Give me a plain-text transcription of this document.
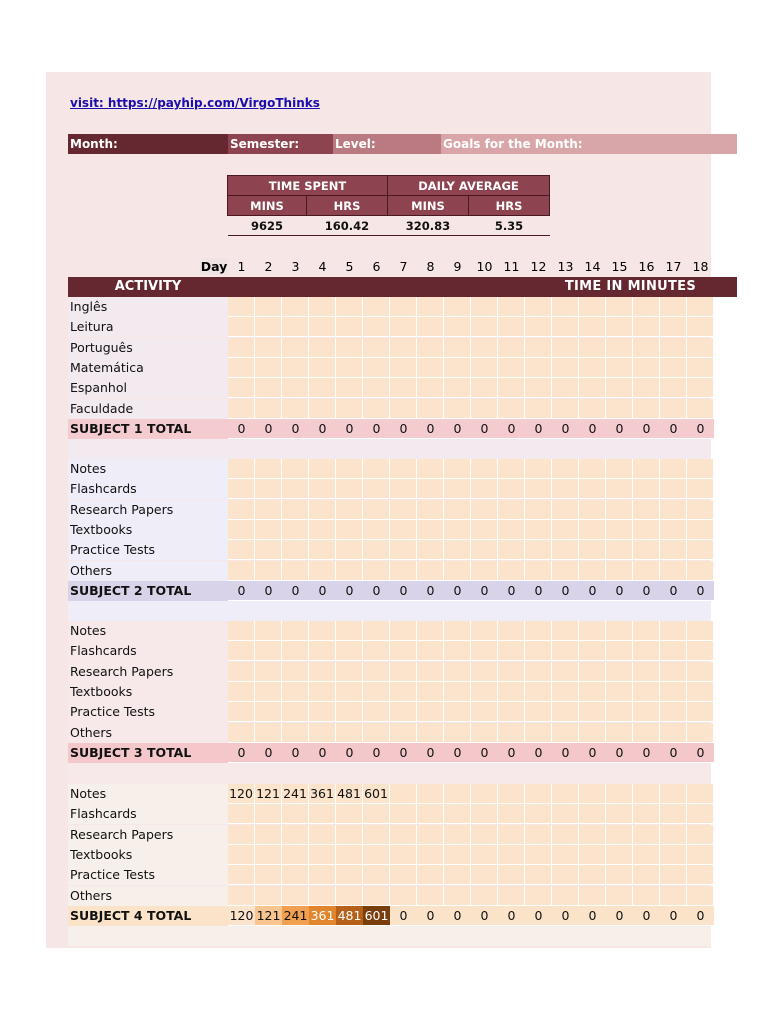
visit: https://payhip.com/VirgoThinks
Month:	Semester:	Level:	Goals for the Month:
TIME SPENT		DAILY AVERAGE	
MINS	HRS	MINS	HRS
9625	160.42	320.83	5.35
Day 1	2	3	4	5	6	7	8	9	10 11 12 13 14 15 16 17 18
ACTIVITY	TIME IN MINUTES
Inglês
Leitura
Português
Matemática
Espanhol
Faculdade
SUBJECT 1 TOTAL	0	0	0	0	0	0	0	0	0	0	0	0	0	0	0	0	0	0
Notes
Flashcards
Research Papers
Textbooks
Practice Tests
Others
SUBJECT 2 TOTAL	0	0	0	0	0	0	0	0	0	0	0	0	0	0	0	0	0	0
Notes
Flashcards
Research Papers
Textbooks
Practice Tests
Others
SUBJECT 3 TOTAL	0	0	0	0	0	0	0	0	0	0	0	0	0	0	0	0	0	0
Notes	120 121 241 361 481 601
Flashcards
Research Papers
Textbooks
Practice Tests
Others
SUBJECT 4 TOTAL	120 121 241 361 481 601 0	0	0	0	0	0	0	0	0	0	0	0
